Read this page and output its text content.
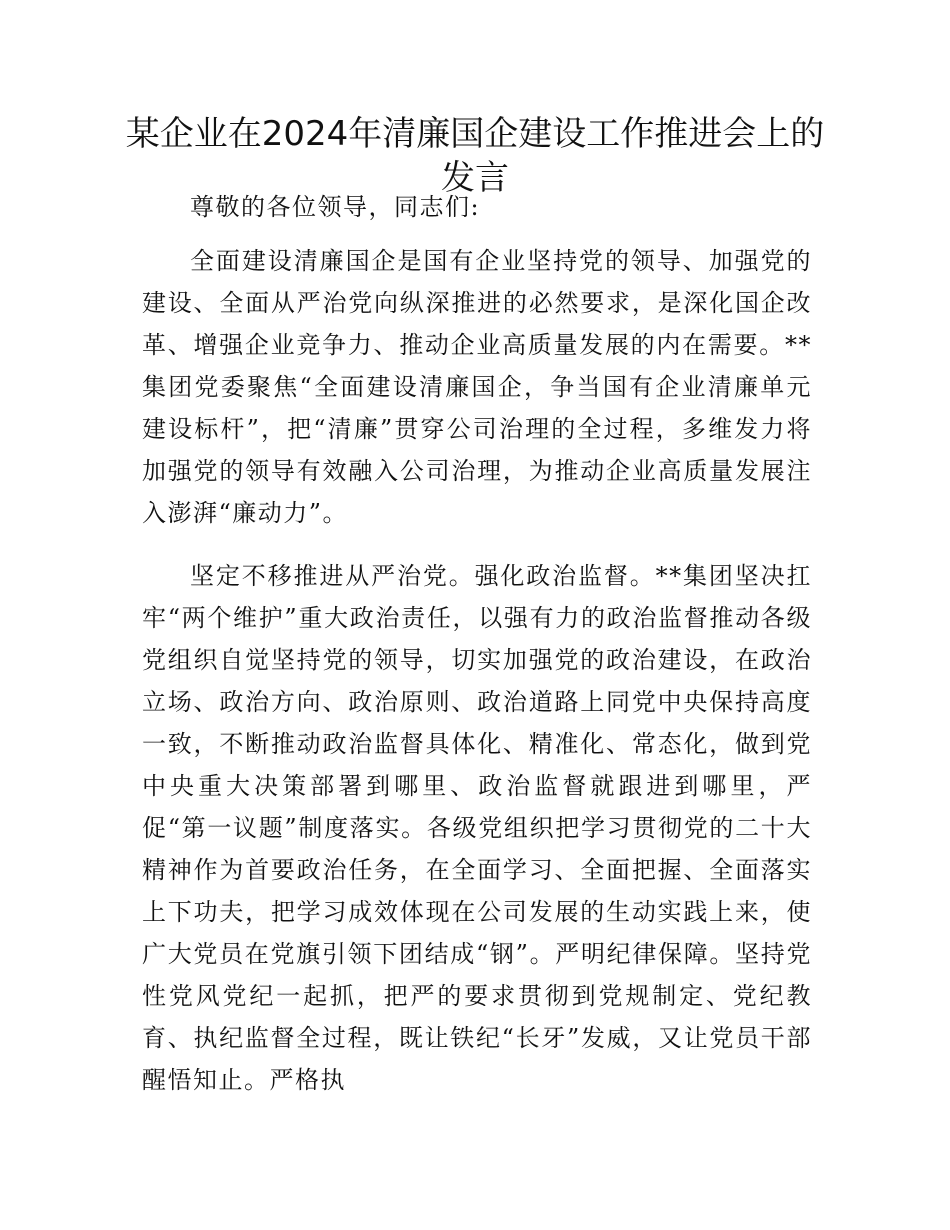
某企业在2024年清廉国企建设工作推进会上的发言
尊敬的各位领导，同志们:

全面建设清廉国企是国有企业坚持党的领导、加强党的建设、全面从严治党向纵深推进的必然要求，是深化国企改革、增强企业竞争力、推动企业高质量发展的内在需要。**集团党委聚焦“全面建设清廉国企，争当国有企业清廉单元建设标杆”，把“清廉”贯穿公司治理的全过程，多维发力将加强党的领导有效融入公司治理，为推动企业高质量发展注入澎湃“廉动力”。

坚定不移推进从严治党。强化政治监督。**集团坚决扛牢“两个维护”重大政治责任，以强有力的政治监督推动各级党组织自觉坚持党的领导，切实加强党的政治建设，在政治立场、政治方向、政治原则、政治道路上同党中央保持高度一致，不断推动政治监督具体化、精准化、常态化，做到党中央重大决策部署到哪里、政治监督就跟进到哪里，严促“第一议题”制度落实。各级党组织把学习贯彻党的二十大精神作为首要政治任务，在全面学习、全面把握、全面落实上下功夫，把学习成效体现在公司发展的生动实践上来，使广大党员在党旗引领下团结成“钢”。严明纪律保障。坚持党性党风党纪一起抓，把严的要求贯彻到党规制定、党纪教育、执纪监督全过程，既让铁纪“长牙”发威，又让党员干部醒悟知止。严格执
